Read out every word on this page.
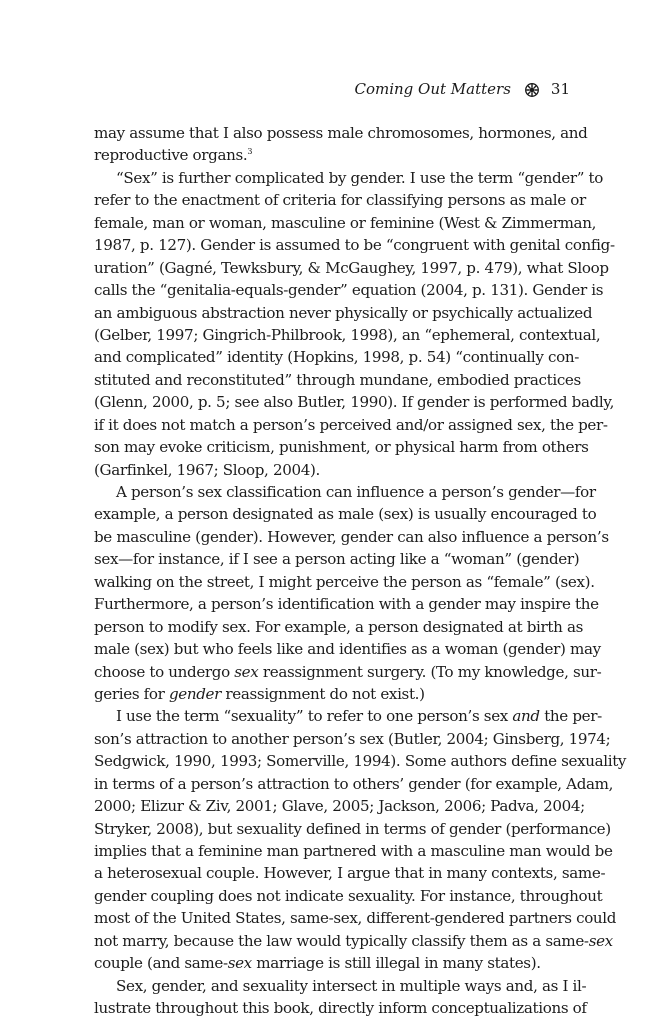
Coming Out Matters	31
may assume that I also possess male chromosomes, hormones, and
reproductive organs.$^3$
“Sex” is further complicated by gender. I use the term “gender” to
refer to the enactment of criteria for classifying persons as male or
female, man or woman, masculine or feminine (West & Zimmerman,
1987, p. 127). Gender is assumed to be “congruent with genital config-
uration” (Gagné, Tewksbury, & McGaughey, 1997, p. 479), what Sloop
calls the “genitalia-equals-gender” equation (2004, p. 131). Gender is
an ambiguous abstraction never physically or psychically actualized
(Gelber, 1997; Gingrich-Philbrook, 1998), an “ephemeral, contextual,
and complicated” identity (Hopkins, 1998, p. 54) “continually con-
stituted and reconstituted” through mundane, embodied practices
(Glenn, 2000, p. 5; see also Butler, 1990). If gender is performed badly,
if it does not match a person’s perceived and/or assigned sex, the per-
son may evoke criticism, punishment, or physical harm from others
(Garfinkel, 1967; Sloop, 2004).
A person’s sex classification can influence a person’s gender—for
example, a person designated as male (sex) is usually encouraged to
be masculine (gender). However, gender can also influence a person’s
sex—for instance, if I see a person acting like a “woman” (gender)
walking on the street, I might perceive the person as “female” (sex).
Furthermore, a person’s identification with a gender may inspire the
person to modify sex. For example, a person designated at birth as
male (sex) but who feels like and identifies as a woman (gender) may
choose to undergo sex reassignment surgery. (To my knowledge, sur-
geries for gender reassignment do not exist.)
I use the term “sexuality” to refer to one person’s sex and the per-
son’s attraction to another person’s sex (Butler, 2004; Ginsberg, 1974;
Sedgwick, 1990, 1993; Somerville, 1994). Some authors define sexuality
in terms of a person’s attraction to others’ gender (for example, Adam,
2000; Elizur & Ziv, 2001; Glave, 2005; Jackson, 2006; Padva, 2004;
Stryker, 2008), but sexuality defined in terms of gender (performance)
implies that a feminine man partnered with a masculine man would be
a heterosexual couple. However, I argue that in many contexts, same-
gender coupling does not indicate sexuality. For instance, throughout
most of the United States, same-sex, different-gendered partners could
not marry, because the law would typically classify them as a same-sex
couple (and same-sex marriage is still illegal in many states).
Sex, gender, and sexuality intersect in multiple ways and, as I il-
lustrate throughout this book, directly inform conceptualizations of
